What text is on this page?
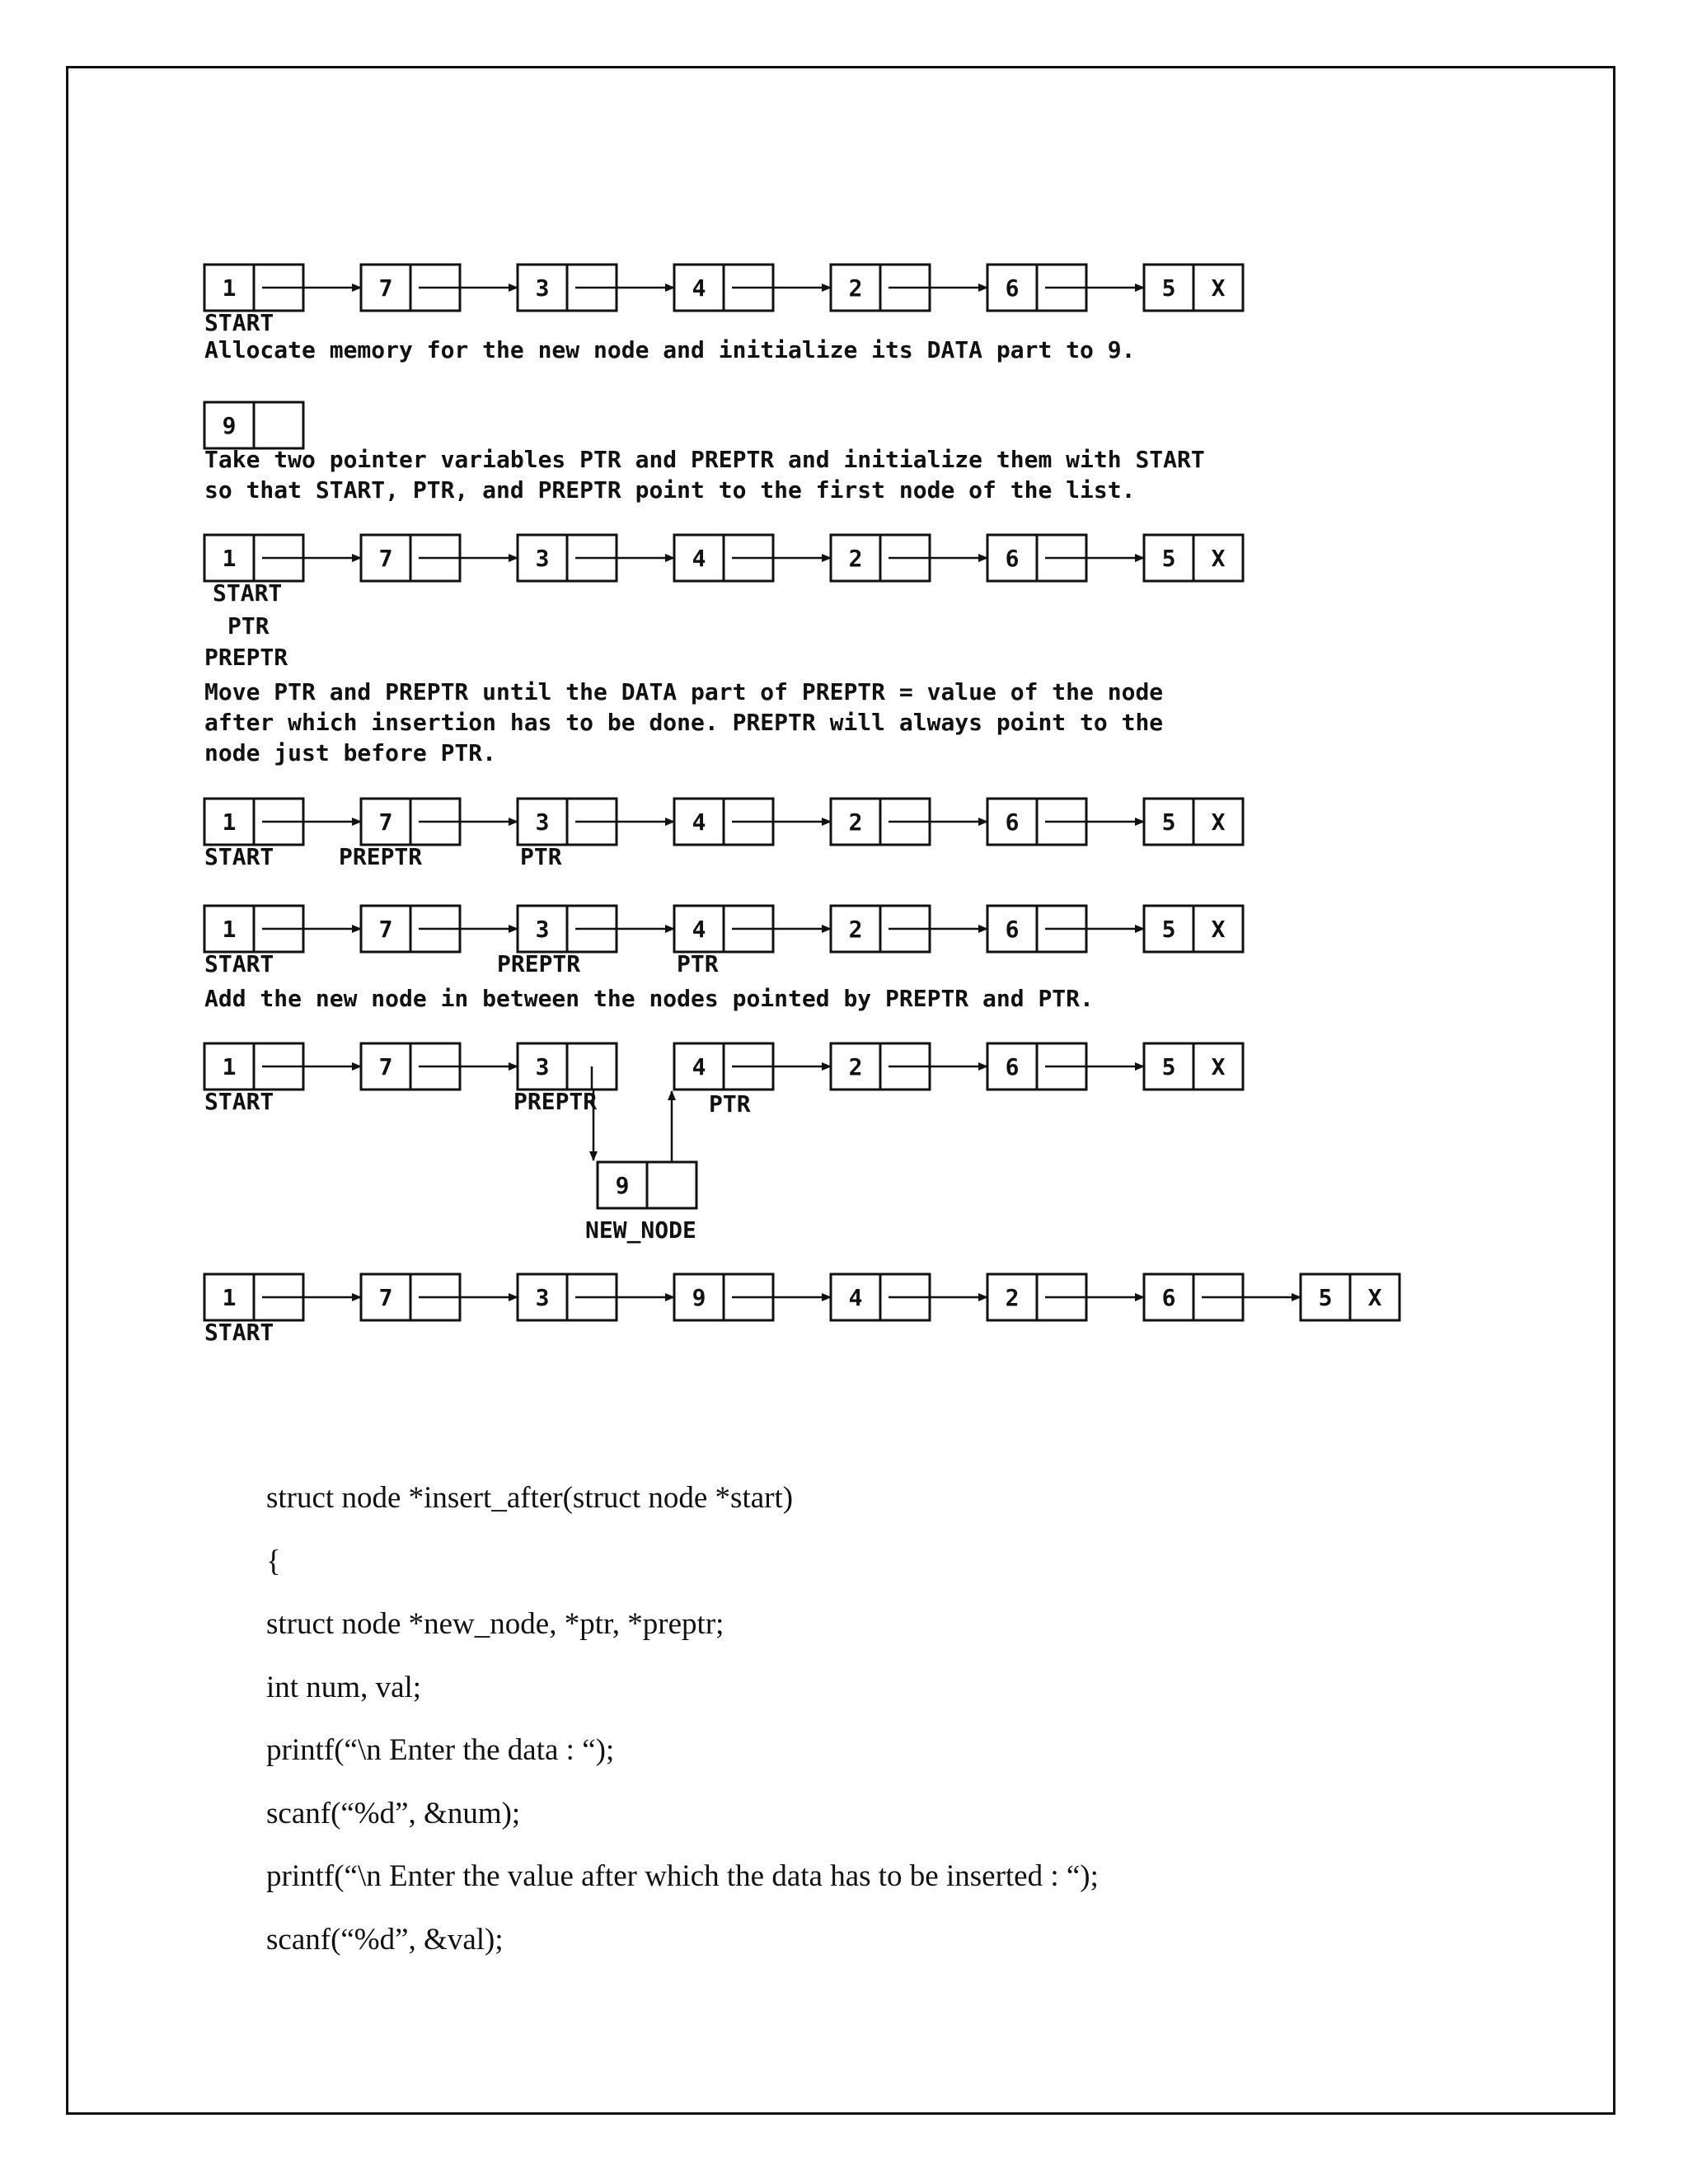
1	7	3	4	2	6	5 X
START
Allocate memory for the new node and initialize its DATA part to 9.
9
Take two pointer variables PTR and PREPTR and initialize them with START
so that START, PTR, and PREPTR point to the first node of the list.
1	7	3	4	2	6	5 X
START
PTR
PREPTR
Move PTR and PREPTR until the DATA part of PREPTR = value of the node
after which insertion has to be done. PREPTR will always point to the
node just before PTR.
1	7	3	4	2	6	5 X
START	PREPTR	PTR
1	7	3	4	2	6	5 X
START	PREPTR	PTR
Add the new node in between the nodes pointed by PREPTR and PTR.
1	7	3	4	2	6	5 X
START	PREPTR	PTR
9
NEW_NODE
1	7	3	9	4	2	6	5 X
START
struct node *insert_after(struct node *start)
{
struct node *new_node, *ptr, *preptr;
int num, val;
printf(“\n Enter the data : “);
scanf(“%d”, &num);
printf(“\n Enter the value after which the data has to be inserted : “);
scanf(“%d”, &val);
